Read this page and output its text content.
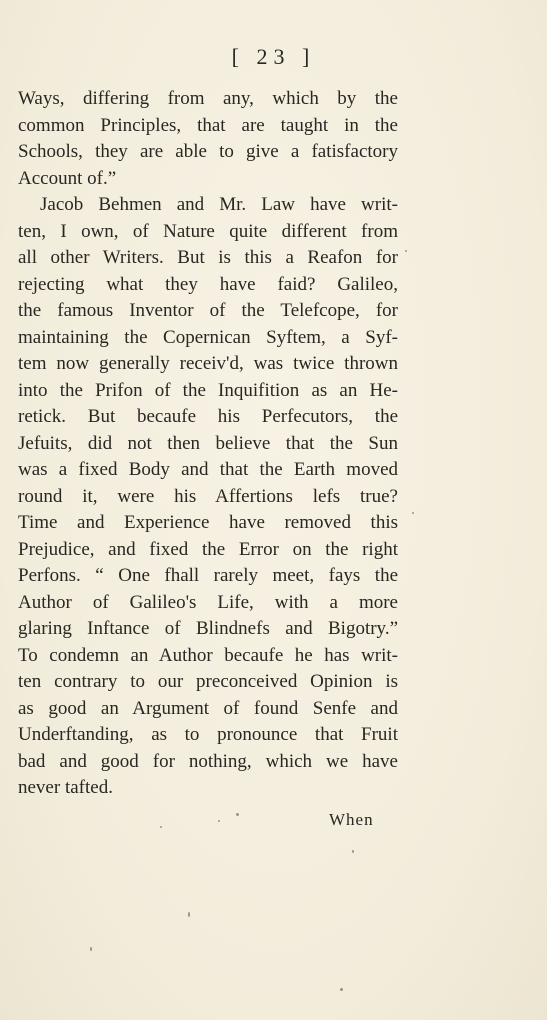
[ 23 ]
Ways, differing from any, which by the
common Principles, that are taught in the
Schools, they are able to give a fatisfactory
Account of.”
Jacob Behmen and Mr. Law have writ-
ten, I own, of Nature quite different from
all other Writers. But is this a Reafon for
rejecting what they have faid? Galileo,
the famous Inventor of the Telefcope, for
maintaining the Copernican Syftem, a Syf-
tem now generally receiv'd, was twice thrown
into the Prifon of the Inquifition as an He-
retick. But becaufe his Perfecutors, the
Jefuits, did not then believe that the Sun
was a fixed Body and that the Earth moved
round it, were his Affertions lefs true?
Time and Experience have removed this
Prejudice, and fixed the Error on the right
Perfons. “ One fhall rarely meet, fays the
Author of Galileo's Life, with a more
glaring Inftance of Blindnefs and Bigotry.”
To condemn an Author becaufe he has writ-
ten contrary to our preconceived Opinion is
as good an Argument of found Senfe and
Underftanding, as to pronounce that Fruit
bad and good for nothing, which we have
never tafted.
When
